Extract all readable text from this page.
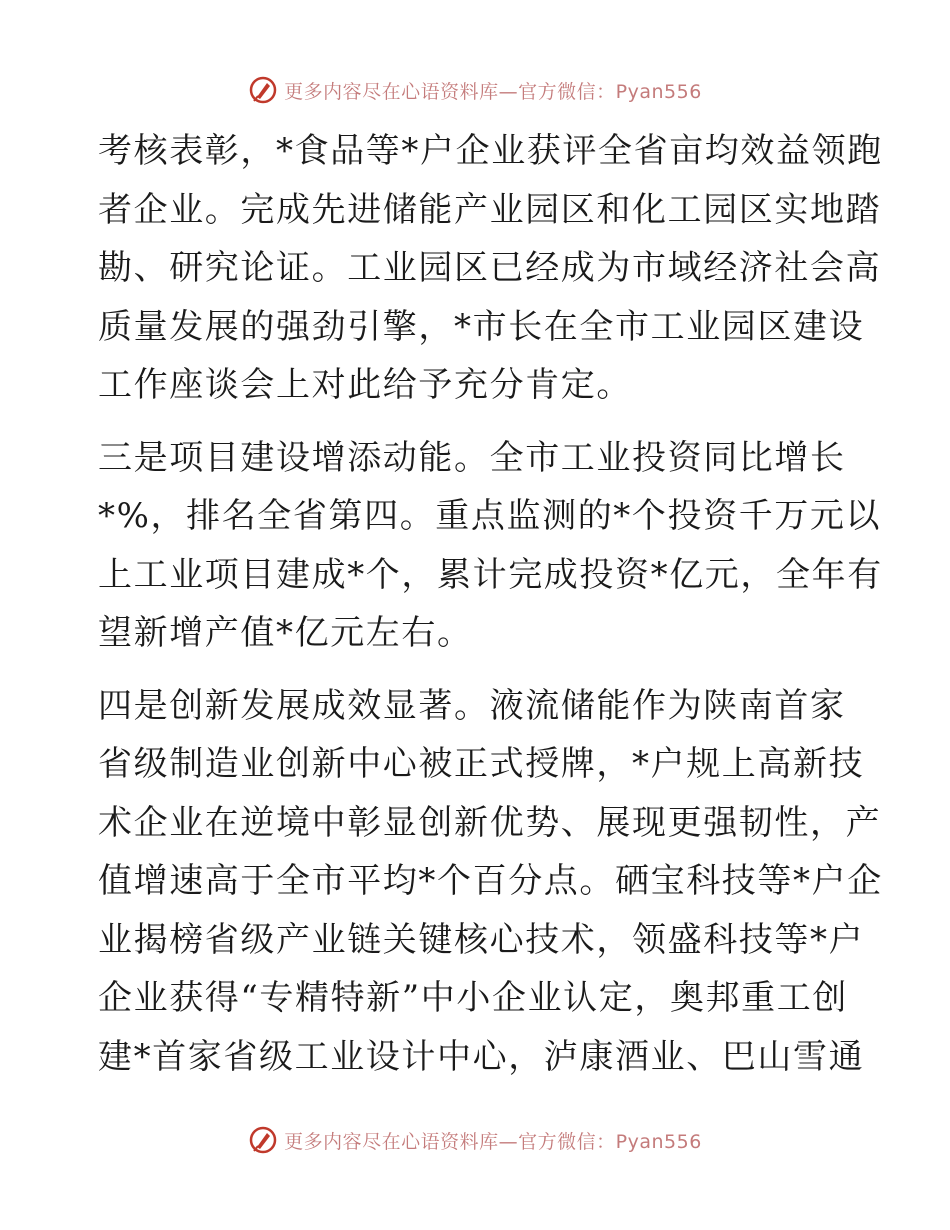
更多内容尽在心语资料库—官方微信：Pyan556
考核表彰，*食品等*户企业获评全省亩均效益领跑
者企业。完成先进储能产业园区和化工园区实地踏
勘、研究论证。工业园区已经成为市域经济社会高
质量发展的强劲引擎，*市长在全市工业园区建设
工作座谈会上对此给予充分肯定。
三是项目建设增添动能。全市工业投资同比增长
*%，排名全省第四。重点监测的*个投资千万元以
上工业项目建成*个，累计完成投资*亿元，全年有
望新增产值*亿元左右。
四是创新发展成效显著。液流储能作为陕南首家
省级制造业创新中心被正式授牌，*户规上高新技
术企业在逆境中彰显创新优势、展现更强韧性，产
值增速高于全市平均*个百分点。硒宝科技等*户企
业揭榜省级产业链关键核心技术，领盛科技等*户
企业获得“专精特新”中小企业认定，奥邦重工创
建*首家省级工业设计中心，泸康酒业、巴山雪通
更多内容尽在心语资料库—官方微信：Pyan556
